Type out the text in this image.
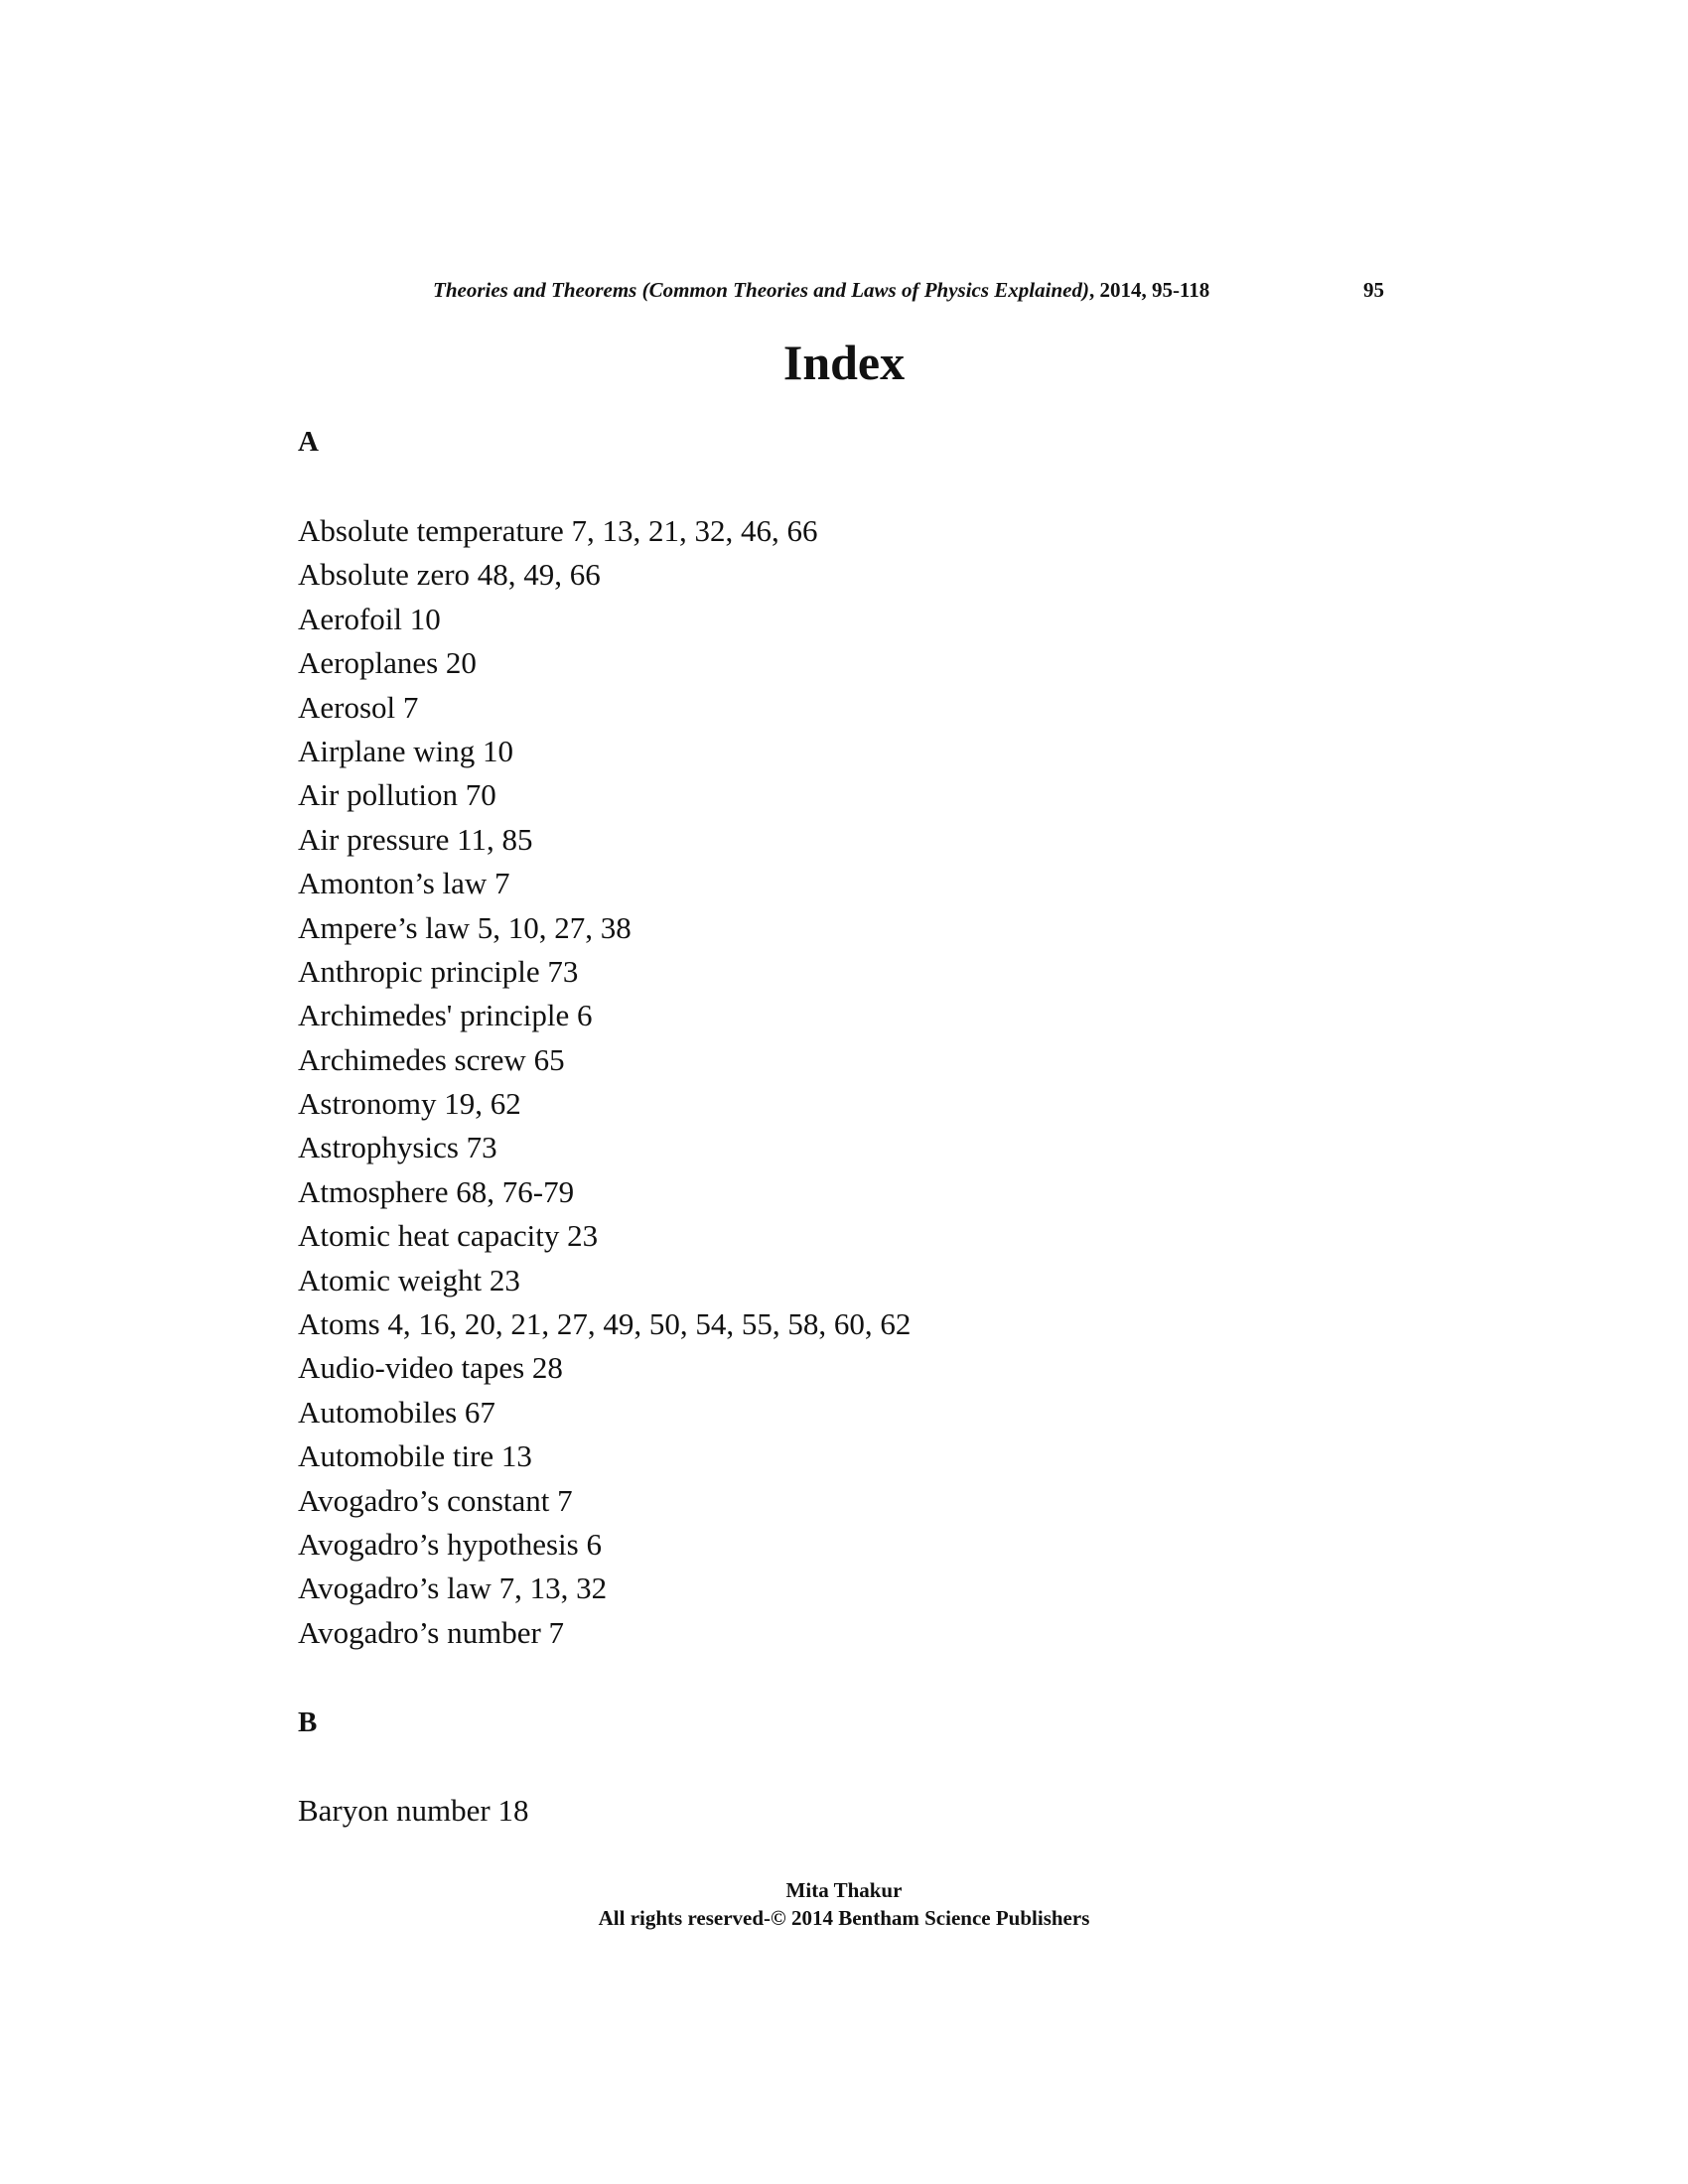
Theories and Theorems (Common Theories and Laws of Physics Explained), 2014, 95-118	95
Index
A
Absolute temperature 7, 13, 21, 32, 46, 66
Absolute zero 48, 49, 66
Aerofoil 10
Aeroplanes 20
Aerosol 7
Airplane wing 10
Air pollution 70
Air pressure 11, 85
Amonton’s law 7
Ampere’s law 5, 10, 27, 38
Anthropic principle 73
Archimedes' principle 6
Archimedes screw 65
Astronomy 19, 62
Astrophysics 73
Atmosphere 68, 76-79
Atomic heat capacity 23
Atomic weight 23
Atoms 4, 16, 20, 21, 27, 49, 50, 54, 55, 58, 60, 62
Audio-video tapes 28
Automobiles 67
Automobile tire 13
Avogadro’s constant 7
Avogadro’s hypothesis 6
Avogadro’s law 7, 13, 32
Avogadro’s number 7
B
Baryon number 18
Mita Thakur
All rights reserved-© 2014 Bentham Science Publishers
